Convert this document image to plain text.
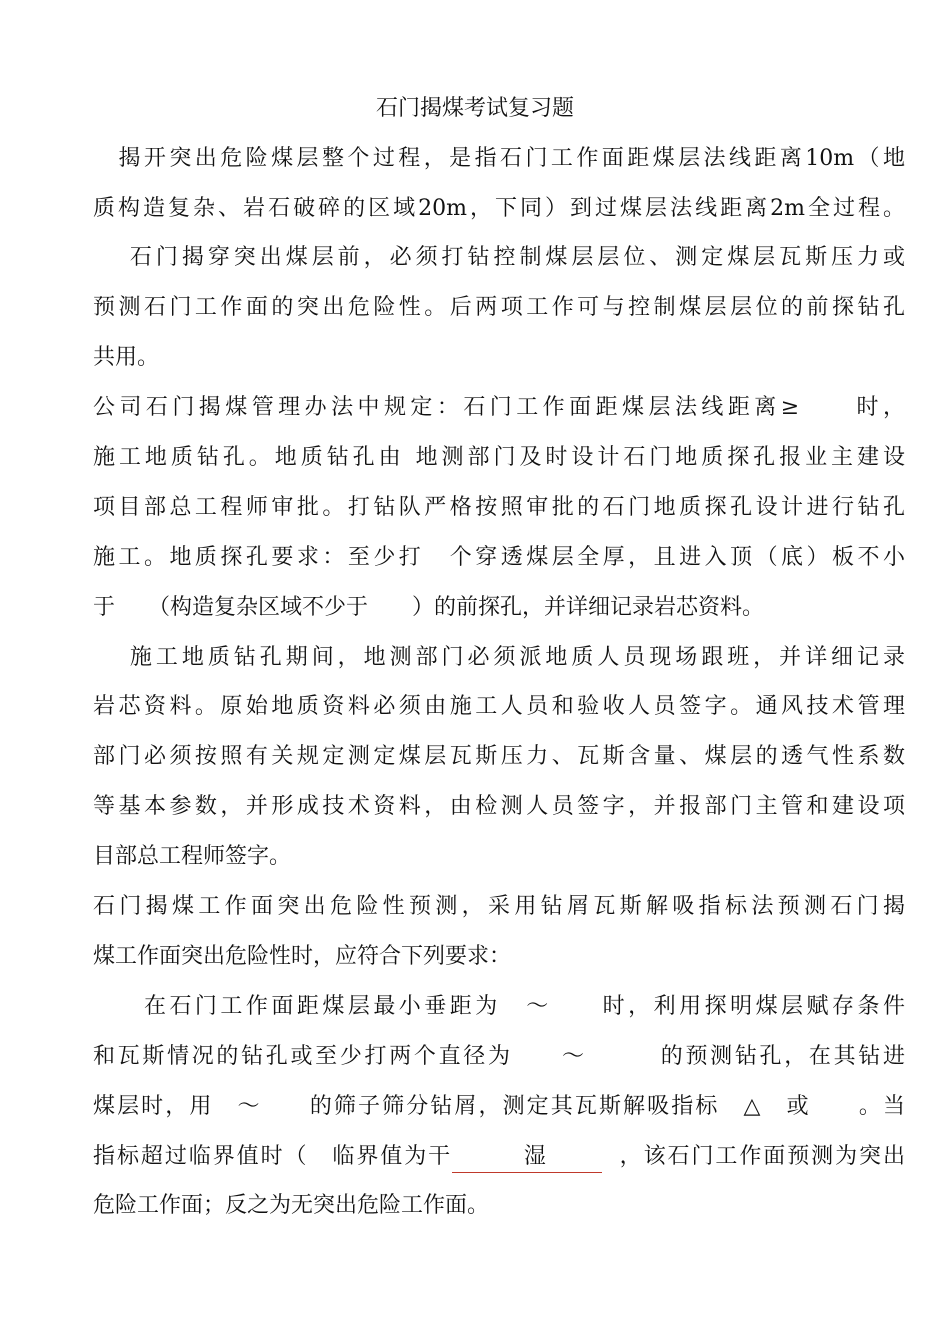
石门揭煤考试复习题
　揭开突出危险煤层整个过程，是指石门工作面距煤层法线距离10m（地
质构造复杂、岩石破碎的区域20m，下同）到过煤层法线距离2m全过程。
　 石门揭穿突出煤层前，必须打钻控制煤层层位、测定煤层瓦斯压力或
预测石门工作面的突出危险性。后两项工作可与控制煤层层位的前探钻孔
共用。
公司石门揭煤管理办法中规定：石门工作面距煤层法线距离≥　　时，
施工地质钻孔。地质钻孔由 地测部门及时设计石门地质探孔报业主建设
项目部总工程师审批。打钻队严格按照审批的石门地质探孔设计进行钻孔
施工。地质探孔要求：至少打　个穿透煤层全厚，且进入顶（底）板不小
于　　（构造复杂区域不少于　　）的前探孔，并详细记录岩芯资料。
　 施工地质钻孔期间，地测部门必须派地质人员现场跟班，并详细记录
岩芯资料。原始地质资料必须由施工人员和验收人员签字。通风技术管理
部门必须按照有关规定测定煤层瓦斯压力、瓦斯含量、煤层的透气性系数
等基本参数，并形成技术资料，由检测人员签字，并报部门主管和建设项
目部总工程师签字。
石门揭煤工作面突出危险性预测，采用钻屑瓦斯解吸指标法预测石门揭
煤工作面突出危险性时，应符合下列要求：
　　在石门工作面距煤层最小垂距为　～　　时，利用探明煤层赋存条件
和瓦斯情况的钻孔或至少打两个直径为　　～　　　的预测钻孔，在其钻进
煤层时，用　～　　的筛子筛分钻屑，测定其瓦斯解吸指标　△　或　　。当
指标超过临界值时（　临界值为干　　　湿　　　，该石门工作面预测为突出
危险工作面；反之为无突出危险工作面。
